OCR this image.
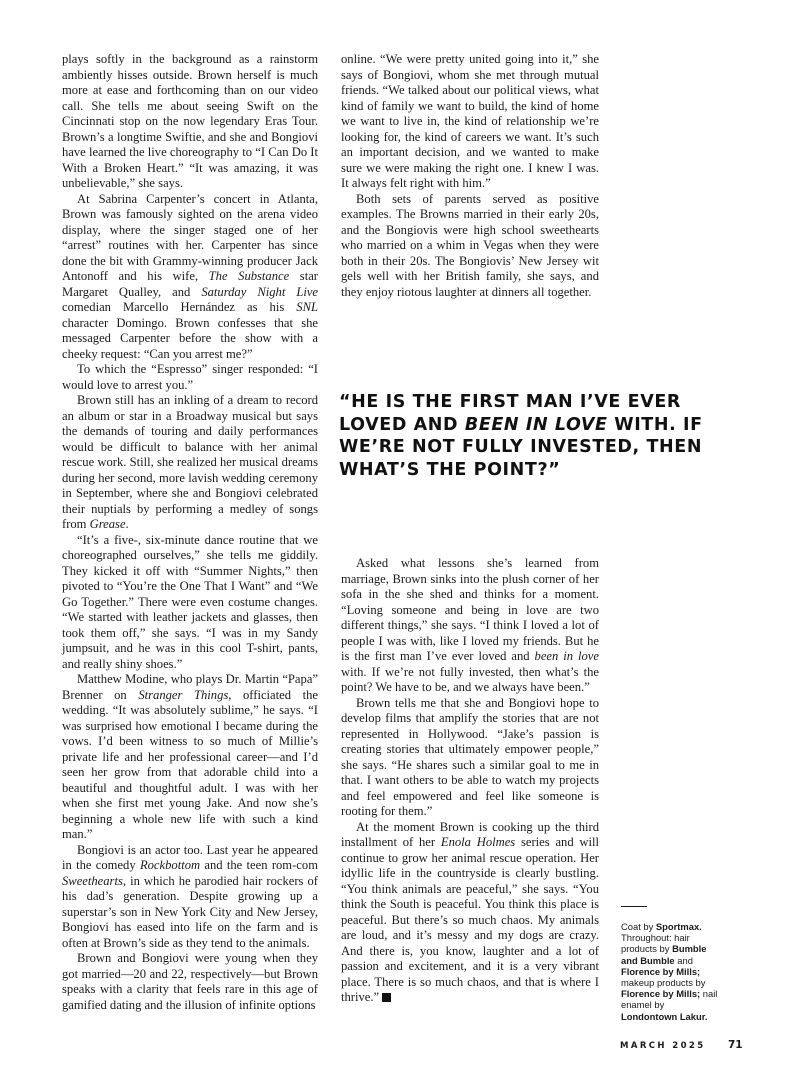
plays softly in the background as a rainstorm ambiently hisses outside. Brown herself is much more at ease and forthcoming than on our video call. She tells me about seeing Swift on the Cincinnati stop on the now legendary Eras Tour. Brown’s a longtime Swiftie, and she and Bongiovi have learned the live choreography to “I Can Do It With a Broken Heart.” “It was amazing, it was unbelievable,” she says.

At Sabrina Carpenter’s concert in Atlanta, Brown was famously sighted on the arena video display, where the singer staged one of her “arrest” routines with her. Carpenter has since done the bit with Grammy-winning producer Jack Antonoff and his wife, The Substance star Margaret Qualley, and Saturday Night Live comedian Marcello Hernández as his SNL character Domingo. Brown confesses that she messaged Carpenter before the show with a cheeky request: “Can you arrest me?”

To which the “Espresso” singer responded: “I would love to arrest you.”

Brown still has an inkling of a dream to record an album or star in a Broadway musical but says the demands of touring and daily performances would be difficult to balance with her animal rescue work. Still, she realized her musical dreams during her second, more lavish wedding ceremony in September, where she and Bongiovi celebrated their nuptials by performing a medley of songs from Grease.

“It’s a five-, six-minute dance routine that we choreographed ourselves,” she tells me giddily. They kicked it off with “Summer Nights,” then pivoted to “You’re the One That I Want” and “We Go Together.” There were even costume changes. “We started with leather jackets and glasses, then took them off,” she says. “I was in my Sandy jumpsuit, and he was in this cool T-shirt, pants, and really shiny shoes.”

Matthew Modine, who plays Dr. Martin “Papa” Brenner on Stranger Things, officiated the wedding. “It was absolutely sublime,” he says. “I was surprised how emotional I became during the vows. I’d been witness to so much of Millie’s private life and her professional career—and I’d seen her grow from that adorable child into a beautiful and thoughtful adult. I was with her when she first met young Jake. And now she’s beginning a whole new life with such a kind man.”

Bongiovi is an actor too. Last year he appeared in the comedy Rockbottom and the teen rom-com Sweethearts, in which he parodied hair rockers of his dad’s generation. Despite growing up a superstar’s son in New York City and New Jersey, Bongiovi has eased into life on the farm and is often at Brown’s side as they tend to the animals.

Brown and Bongiovi were young when they got married—20 and 22, respectively—but Brown speaks with a clarity that feels rare in this age of gamified dating and the illusion of infinite options

online. “We were pretty united going into it,” she says of Bongiovi, whom she met through mutual friends. “We talked about our political views, what kind of family we want to build, the kind of home we want to live in, the kind of relationship we’re looking for, the kind of careers we want. It’s such an important decision, and we wanted to make sure we were making the right one. I knew I was. It always felt right with him.”

Both sets of parents served as positive examples. The Browns married in their early 20s, and the Bongiovis were high school sweethearts who married on a whim in Vegas when they were both in their 20s. The Bongiovis’ New Jersey wit gels well with her British family, she says, and they enjoy riotous laughter at dinners all together.

“HE IS THE FIRST MAN I’VE EVER LOVED AND BEEN IN LOVE WITH. IF WE’RE NOT FULLY INVESTED, THEN WHAT’S THE POINT?”

Asked what lessons she’s learned from marriage, Brown sinks into the plush corner of her sofa in the she shed and thinks for a moment. “Loving someone and being in love are two different things,” she says. “I think I loved a lot of people I was with, like I loved my friends. But he is the first man I’ve ever loved and been in love with. If we’re not fully invested, then what’s the point? We have to be, and we always have been.”

Brown tells me that she and Bongiovi hope to develop films that amplify the stories that are not represented in Hollywood. “Jake’s passion is creating stories that ultimately empower people,” she says. “He shares such a similar goal to me in that. I want others to be able to watch my projects and feel empowered and feel like someone is rooting for them.”

At the moment Brown is cooking up the third installment of her Enola Holmes series and will continue to grow her animal rescue operation. Her idyllic life in the countryside is clearly bustling. “You think animals are peaceful,” she says. “You think the South is peaceful. You think this place is peaceful. But there’s so much chaos. My animals are loud, and it’s messy and my dogs are crazy. And there is, you know, laughter and a lot of passion and excitement, and it is a very vibrant place. There is so much chaos, and that is where I thrive.”

Coat by Sportmax. Throughout: hair products by Bumble and Bumble and Florence by Mills; makeup products by Florence by Mills; nail enamel by Londontown Lakur.
MARCH 2025 71
